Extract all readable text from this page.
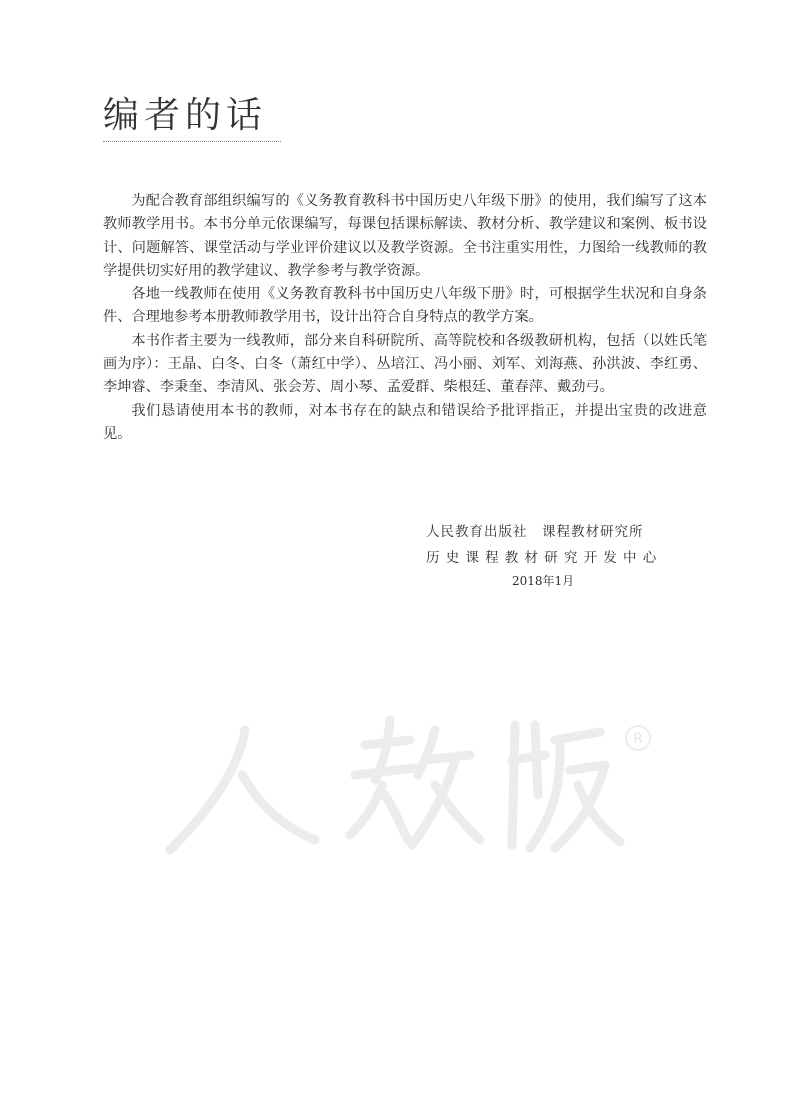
编者的话

为配合教育部组织编写的《义务教育教科书中国历史八年级下册》的使用，我们编写了这本教师教学用书。本书分单元依课编写，每课包括课标解读、教材分析、教学建议和案例、板书设计、问题解答、课堂活动与学业评价建议以及教学资源。全书注重实用性，力图给一线教师的教学提供切实好用的教学建议、教学参考与教学资源。

各地一线教师在使用《义务教育教科书中国历史八年级下册》时，可根据学生状况和自身条件、合理地参考本册教师教学用书，设计出符合自身特点的教学方案。

本书作者主要为一线教师，部分来自科研院所、高等院校和各级教研机构，包括（以姓氏笔画为序）：王晶、白冬、白冬（萧红中学）、丛培江、冯小丽、刘军、刘海燕、孙洪波、李红勇、李坤睿、李秉奎、李清风、张会芳、周小琴、孟爱群、柴根廷、董春萍、戴劲弓。

我们恳请使用本书的教师，对本书存在的缺点和错误给予批评指正，并提出宝贵的改进意见。

人民教育出版社　课程教材研究所
历史课程教材研究开发中心
2018年1月
R
